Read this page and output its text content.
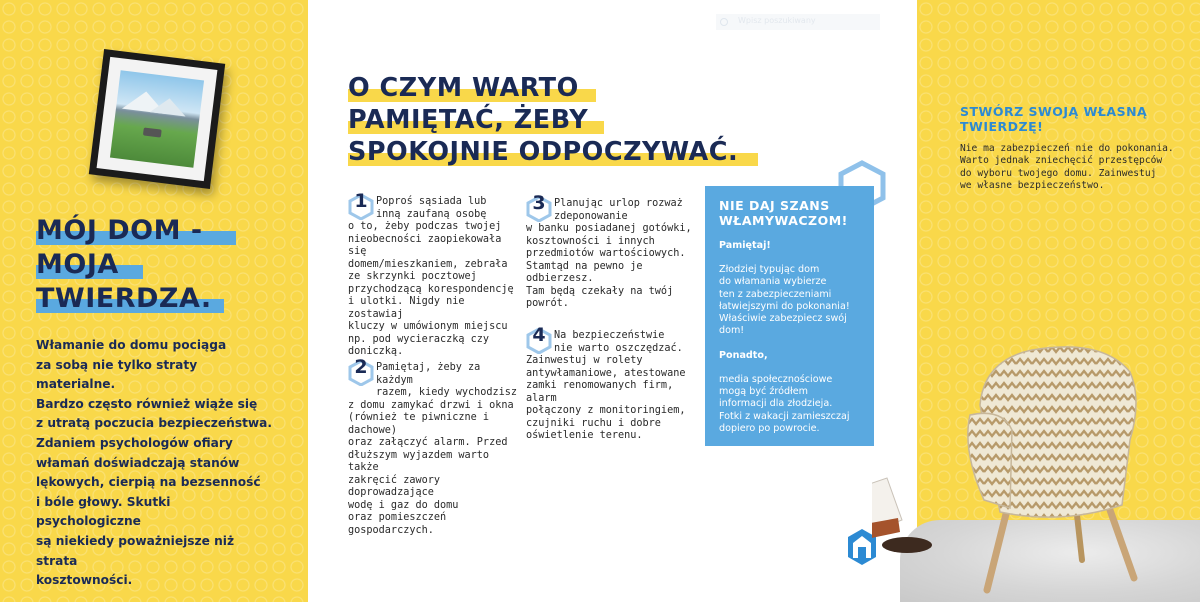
MÓJ DOM -
MOJA
TWIERDZA.
Włamanie do domu pociąga
za sobą nie tylko straty materialne.
Bardzo często również wiąże się
z utratą poczucia bezpieczeństwa.
Zdaniem psychologów ofiary
włamań doświadczają stanów
lękowych, cierpią na bezsenność
i bóle głowy. Skutki psychologiczne
są niekiedy poważniejsze niż strata
kosztowności.
Wpisz poszukiwany
O CZYM WARTO
PAMIĘTAĆ, ŻEBY
SPOKOJNIE ODPOCZYWAĆ.
1 Poproś sąsiada lub
inną zaufaną osobę
o to, żeby podczas twojej
nieobecności zaopiekowała się
domem/mieszkaniem, zebrała
ze skrzynki pocztowej
przychodzącą korespondencję
i ulotki. Nigdy nie zostawiaj
kluczy w umówionym miejscu
np. pod wycieraczką czy
doniczką.
2 Pamiętaj, żeby za każdym
razem, kiedy wychodzisz
z domu zamykać drzwi i okna
(również te piwniczne i dachowe)
oraz załączyć alarm. Przed
dłuższym wyjazdem warto także
zakręcić zawory doprowadzające
wodę i gaz do domu
oraz pomieszczeń
gospodarczych.
3 Planując urlop rozważ
zdeponowanie
w banku posiadanej gotówki,
kosztowności i innych
przedmiotów wartościowych.
Stamtąd na pewno je odbierzesz.
Tam będą czekały na twój
powrót.
4 Na bezpieczeństwie
nie warto oszczędzać.
Zainwestuj w rolety
antywłamaniowe, atestowane
zamki renomowanych firm, alarm
połączony z monitoringiem,
czujniki ruchu i dobre
oświetlenie terenu.
NIE DAJ SZANS
WŁAMYWACZOM!
Pamiętaj!
Złodziej typując dom
do włamania wybierze
ten z zabezpieczeniami
łatwiejszymi do pokonania!
Właściwie zabezpiecz swój
dom!
Ponadto,
media społecznościowe
mogą być źródłem
informacji dla złodzieja.
Fotki z wakacji zamieszczaj
dopiero po powrocie.
STWÓRZ SWOJĄ WŁASNĄ
TWIERDZĘ!
Nie ma zabezpieczeń nie do pokonania.
Warto jednak zniechęcić przestępców
do wyboru twojego domu. Zainwestuj
we własne bezpieczeństwo.
